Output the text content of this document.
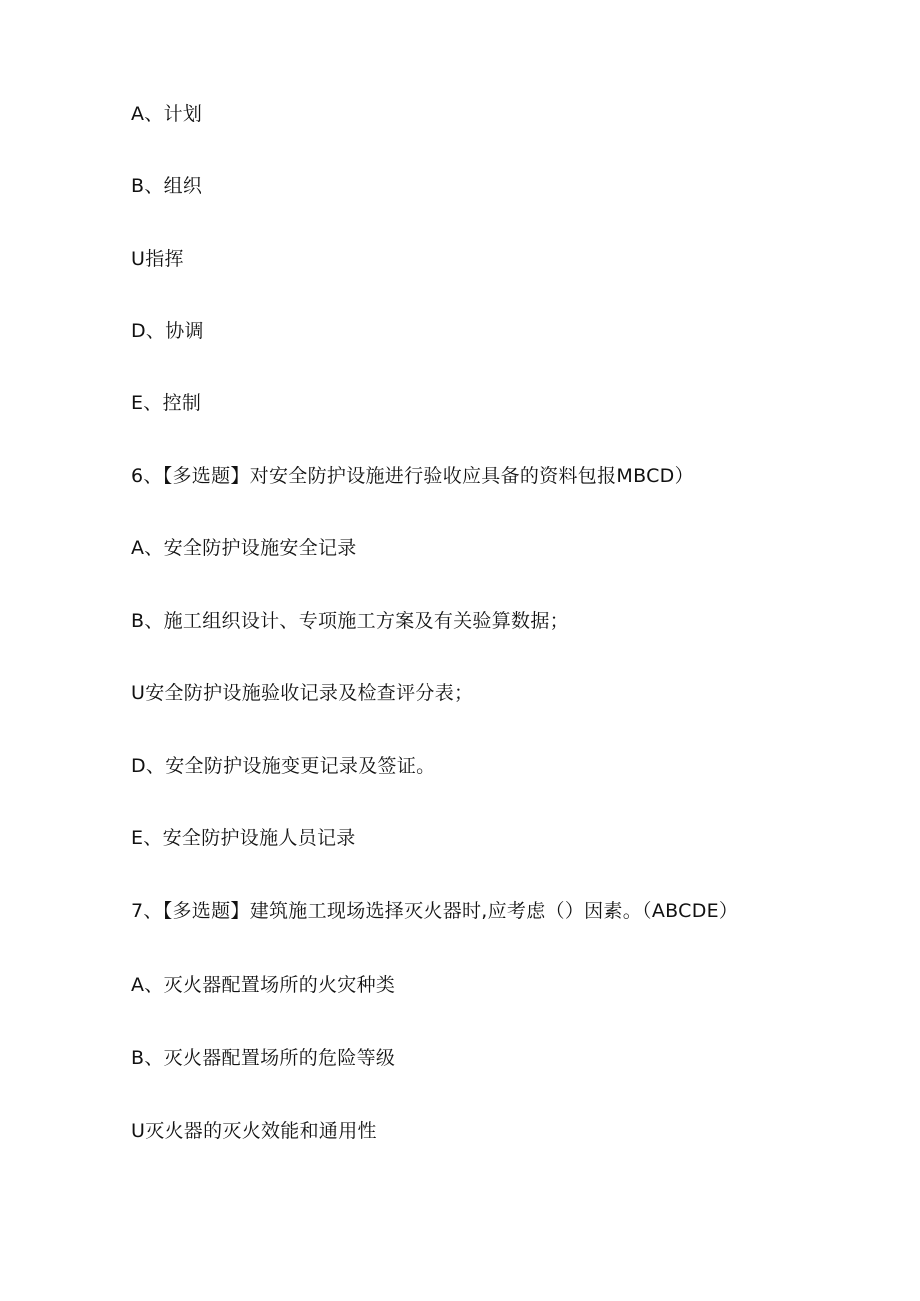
A、计划
B、组织
U指挥
D、协调
E、控制
6、【多选题】对安全防护设施进行验收应具备的资料包报MBCD）
A、安全防护设施安全记录
B、施工组织设计、专项施工方案及有关验算数据；
U安全防护设施验收记录及检查评分表；
D、安全防护设施变更记录及签证。
E、安全防护设施人员记录
7、【多选题】建筑施工现场选择灭火器时,应考虑（）因素。（ABCDE）
A、灭火器配置场所的火灾种类
B、灭火器配置场所的危险等级
U灭火器的灭火效能和通用性
